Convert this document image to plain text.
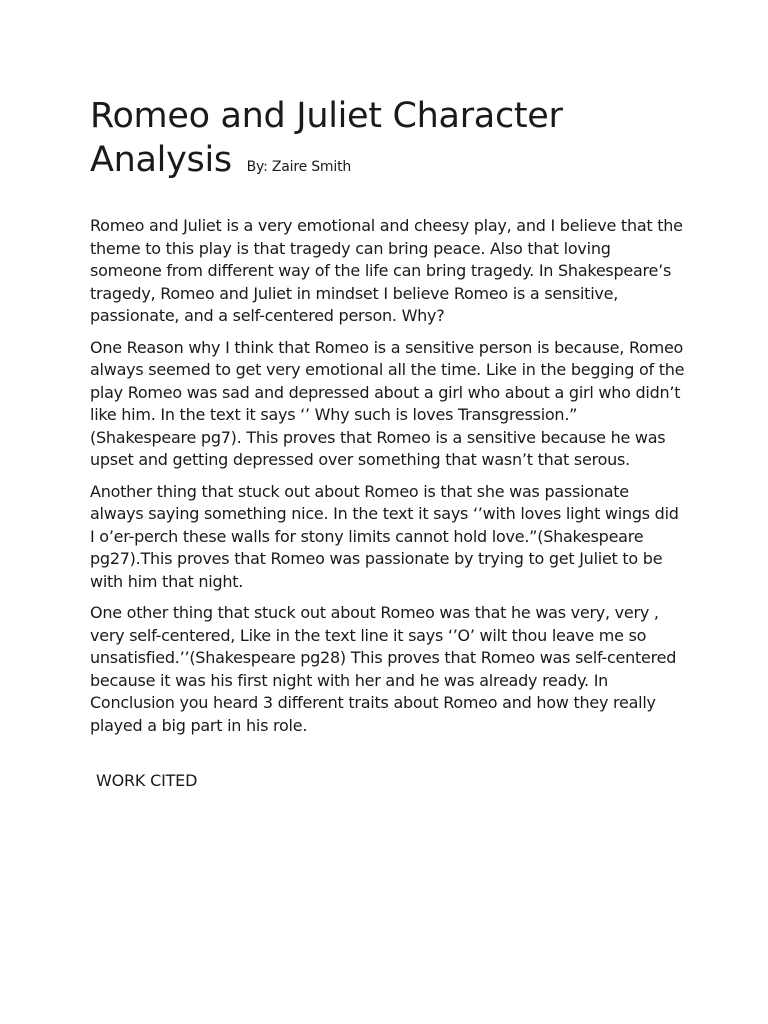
Romeo and Juliet Character Analysis By: Zaire Smith

Romeo and Juliet is a very emotional and cheesy play, and I believe that the theme to this play is that tragedy can bring peace. Also that loving someone from different way of the life can bring tragedy. In Shakespeare’s tragedy, Romeo and Juliet in mindset I believe Romeo is a sensitive, passionate, and a self-centered person. Why?

One Reason why I think that Romeo is a sensitive person is because, Romeo always seemed to get very emotional all the time. Like in the begging of the play Romeo was sad and depressed about a girl who about a girl who didn’t like him. In the text it says ‘’ Why such is loves Transgression.” (Shakespeare pg7). This proves that Romeo is a sensitive because he was upset and getting depressed over something that wasn’t that serous.

Another thing that stuck out about Romeo is that she was passionate always saying something nice. In the text it says ‘’with loves light wings did I o’er-perch these walls for stony limits cannot hold love.”(Shakespeare pg27).This proves that Romeo was passionate by trying to get Juliet to be with him that night.

One other thing that stuck out about Romeo was that he was very, very , very self-centered, Like in the text line it says ‘’O’ wilt thou leave me so unsatisfied.’’(Shakespeare pg28) This proves that Romeo was self-centered because it was his first night with her and he was already ready. In Conclusion you heard 3 different traits about Romeo and how they really played a big part in his role.

WORK CITED
